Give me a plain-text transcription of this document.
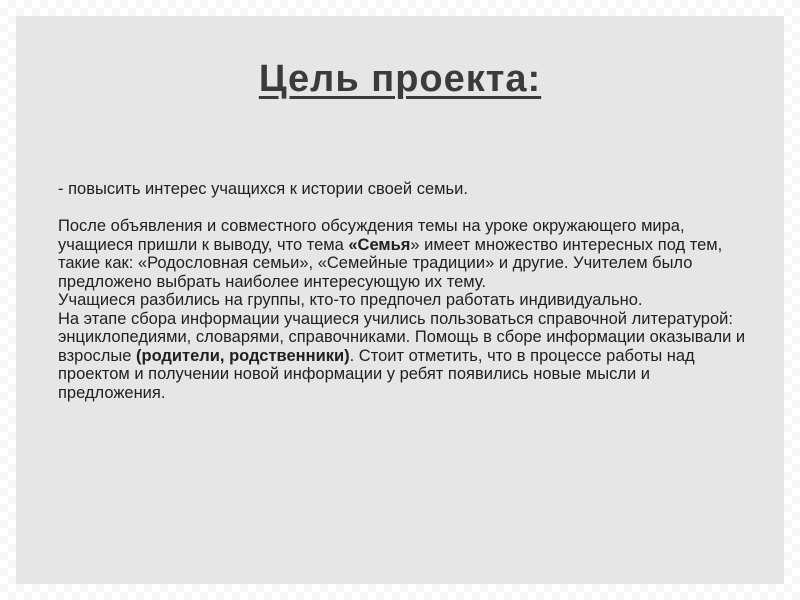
Цель проекта:

- повысить интерес учащихся к истории своей семьи.

После объявления и совместного обсуждения темы на уроке окружающего мира, учащиеся пришли к выводу, что тема «Семья» имеет множество интересных под тем, такие как: «Родословная семьи», «Семейные традиции» и другие. Учителем было предложено выбрать наиболее интересующую их тему.

Учащиеся разбились на группы, кто-то предпочел работать индивидуально.

На этапе сбора информации учащиеся учились пользоваться справочной литературой: энциклопедиями, словарями, справочниками. Помощь в сборе информации оказывали и взрослые (родители, родственники). Стоит отметить, что в процессе работы над проектом и получении новой информации у ребят появились новые мысли и предложения.
